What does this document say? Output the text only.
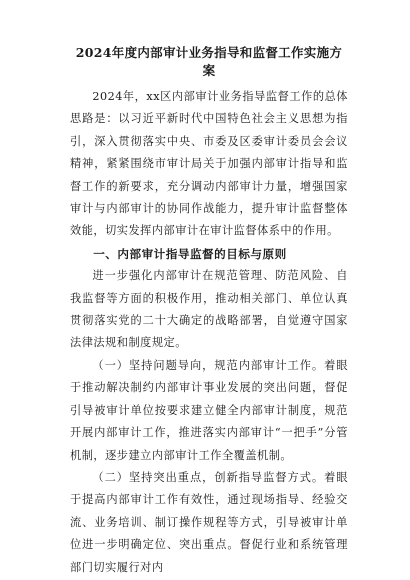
2024年度内部审计业务指导和监督工作实施方案

2024年，xx区内部审计业务指导监督工作的总体思路是：以习近平新时代中国特色社会主义思想为指引，深入贯彻落实中央、市委及区委审计委员会会议精神，紧紧围绕市审计局关于加强内部审计指导和监督工作的新要求，充分调动内部审计力量，增强国家审计与内部审计的协同作战能力，提升审计监督整体效能，切实发挥内部审计在审计监督体系中的作用。

一、内部审计指导监督的目标与原则

进一步强化内部审计在规范管理、防范风险、自我监督等方面的积极作用，推动相关部门、单位认真贯彻落实党的二十大确定的战略部署，自觉遵守国家法律法规和制度规定。

（一）坚持问题导向，规范内部审计工作。着眼于推动解决制约内部审计事业发展的突出问题，督促引导被审计单位按要求建立健全内部审计制度，规范开展内部审计工作，推进落实内部审计“一把手”分管机制，逐步建立内部审计工作全覆盖机制。

（二）坚持突出重点，创新指导监督方式。着眼于提高内部审计工作有效性，通过现场指导、经验交流、业务培训、制订操作规程等方式，引导被审计单位进一步明确定位、突出重点。督促行业和系统管理部门切实履行对内
